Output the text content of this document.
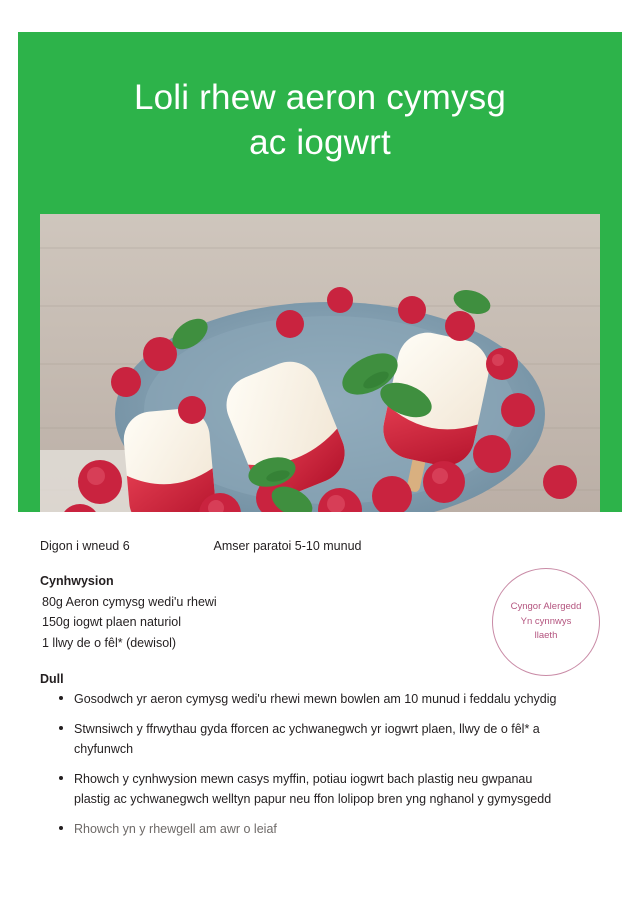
Loli rhew aeron cymysg
ac iogwrt
Digon i wneud 6	Amser paratoi 5-10 munud
Cynhwysion
80g Aeron cymysg wedi'u rhewi
150g iogwt plaen naturiol
1 llwy de o fêl* (dewisol)
Cyngor Alergedd
Yn cynnwys
llaeth
Dull
Gosodwch yr aeron cymysg wedi'u rhewi mewn bowlen am 10 munud i feddalu ychydig
Stwnsiwch y ffrwythau gyda fforcen ac ychwanegwch yr iogwrt plaen, llwy de o fêl* a chyfunwch
Rhowch y cynhwysion mewn casys myffin, potiau iogwrt bach plastig neu gwpanau plastig ac ychwanegwch welltyn papur neu ffon lolipop bren yng nghanol y gymysgedd
Rhowch yn y rhewgell am awr o leiaf
